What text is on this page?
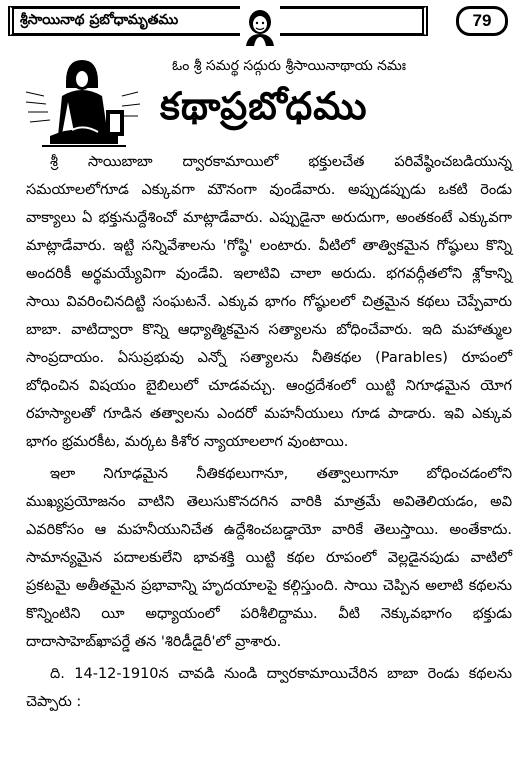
శ్రీసాయినాథ ప్రబోధామృతము	79
ఓం శ్రీ సమర్థ సద్గురు శ్రీసాయినాథాయ నమః
కథాప్రబోధము

శ్రీ సాయిబాబా ద్వారకామాయిలో భక్తులచేత పరివేష్ఠించబడియున్న సమయాలలోగూడ ఎక్కువగా మౌనంగా వుండేవారు. అప్పుడప్పుడు ఒకటి రెండు వాక్యాలు ఏ భక్తునుద్దేశించో మాట్లాడేవారు. ఎప్పుడైనా అరుదుగా, అంతకంటే ఎక్కువగా మాట్లాడేవారు. ఇట్టి సన్నివేశాలను 'గోష్ఠి' లంటారు. వీటిలో తాత్వికమైన గోష్ఠులు కొన్ని అందరికీ అర్థమయ్యేవిగా వుండేవి. ఇలాటివి చాలా అరుదు. భగవద్గీతలోని శ్లోకాన్ని సాయి వివరించినదిట్టి సంఘటనే. ఎక్కువ భాగం గోష్ఠులలో చిత్రమైన కథలు చెప్పేవారు బాబా. వాటిద్వారా కొన్ని ఆధ్యాత్మికమైన సత్యాలను బోధించేవారు. ఇది మహాత్ముల సాంప్రదాయం. ఏసుప్రభువు ఎన్నో సత్యాలను నీతికథల (Parables) రూపంలో బోధించిన విషయం బైబిలులో చూడవచ్చు. ఆంధ్రదేశంలో యిట్టి నిగూఢమైన యోగ రహస్యాలతో గూడిన తత్వాలను ఎందరో మహనీయులు గూడ పాడారు. ఇవి ఎక్కువ భాగం భ్రమరకీట, మర్కట కిశోర న్యాయాలలాగ వుంటాయి.

ఇలా నిగూఢమైన నీతికథలుగానూ, తత్వాలుగానూ బోధించడంలోని ముఖ్యప్రయోజనం వాటిని తెలుసుకొనదగిన వారికి మాత్రమే అవితెలియడం, అవి ఎవరికోసం ఆ మహనీయునిచేత ఉద్దేశించబడ్డాయో వారికే తెలుస్తాయి. అంతేకాదు. సామాన్యమైన పదాలకులేని భావశక్తి యిట్టి కథల రూపంలో వెల్లడైనపుడు వాటిలో ప్రకటమై అతీతమైన ప్రభావాన్ని హృదయాలపై కల్గిస్తుంది. సాయి చెప్పిన అలాటి కథలను కొన్నింటిని యీ అధ్యాయంలో పరిశీలిద్దాము. వీటి నెక్కువభాగం భక్తుడు దాదాసాహెబ్‌ఖాపర్డే తన 'శిరిడీడైరీ'లో వ్రాశారు.

ది. 14-12-1910న చావడి నుండి ద్వారకామాయిచేరిన బాబా రెండు కథలను చెప్పారు :
